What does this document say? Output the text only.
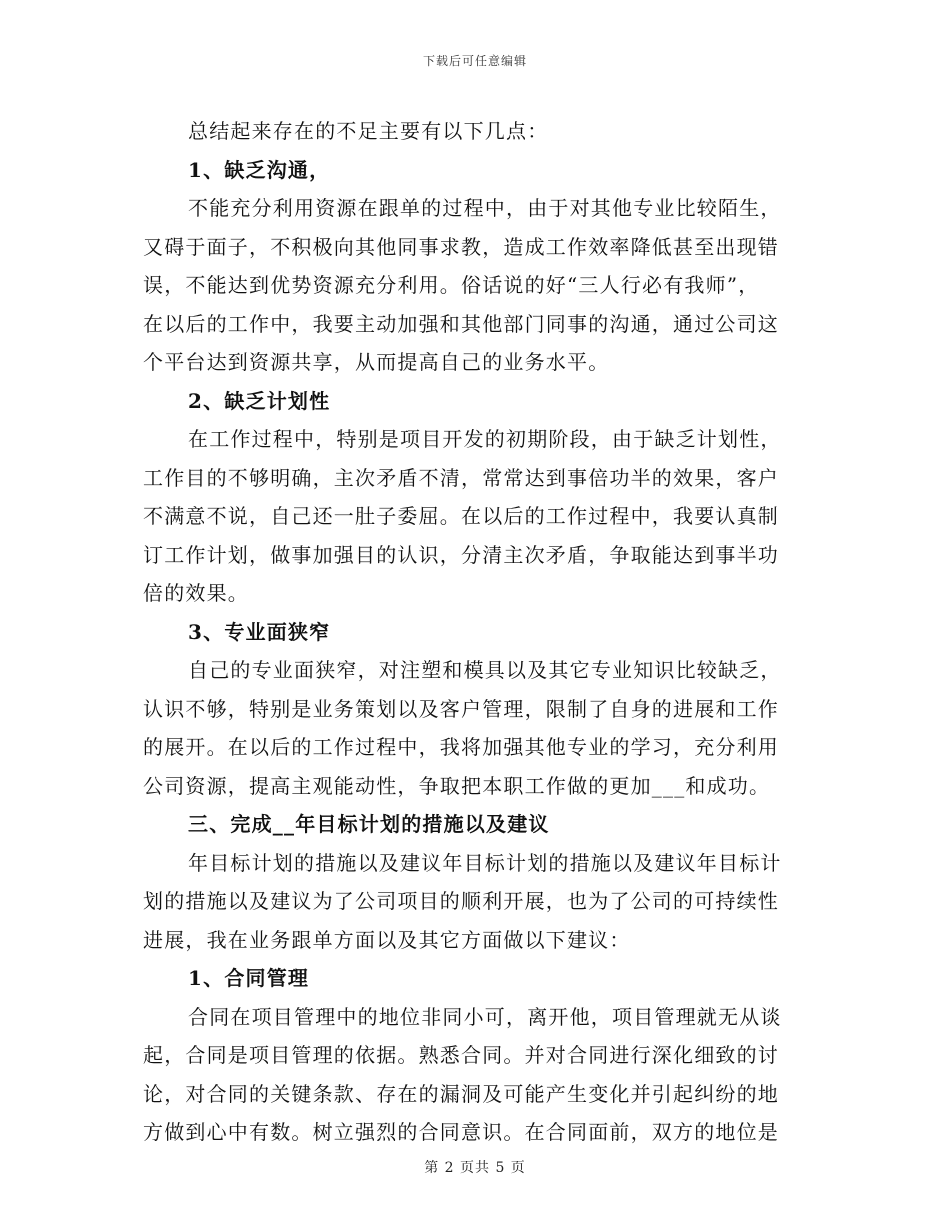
下载后可任意编辑
总结起来存在的不足主要有以下几点：
1、缺乏沟通，
不能充分利用资源在跟单的过程中，由于对其他专业比较陌生，
又碍于面子，不积极向其他同事求教，造成工作效率降低甚至出现错
误，不能达到优势资源充分利用。俗话说的好“三人行必有我师”，
在以后的工作中，我要主动加强和其他部门同事的沟通，通过公司这
个平台达到资源共享，从而提高自己的业务水平。
2、缺乏计划性
在工作过程中，特别是项目开发的初期阶段，由于缺乏计划性，
工作目的不够明确，主次矛盾不清，常常达到事倍功半的效果，客户
不满意不说，自己还一肚子委屈。在以后的工作过程中，我要认真制
订工作计划，做事加强目的认识，分清主次矛盾，争取能达到事半功
倍的效果。
3、专业面狭窄
自己的专业面狭窄，对注塑和模具以及其它专业知识比较缺乏，
认识不够，特别是业务策划以及客户管理，限制了自身的进展和工作
的展开。在以后的工作过程中，我将加强其他专业的学习，充分利用
公司资源，提高主观能动性，争取把本职工作做的更加___和成功。
三、完成__年目标计划的措施以及建议
年目标计划的措施以及建议年目标计划的措施以及建议年目标计
划的措施以及建议为了公司项目的顺利开展，也为了公司的可持续性
进展，我在业务跟单方面以及其它方面做以下建议：
1、合同管理
合同在项目管理中的地位非同小可，离开他，项目管理就无从谈
起，合同是项目管理的依据。熟悉合同。并对合同进行深化细致的讨
论，对合同的关键条款、存在的漏洞及可能产生变化并引起纠纷的地
方做到心中有数。树立强烈的合同意识。在合同面前，双方的地位是
第 2 页共 5 页
